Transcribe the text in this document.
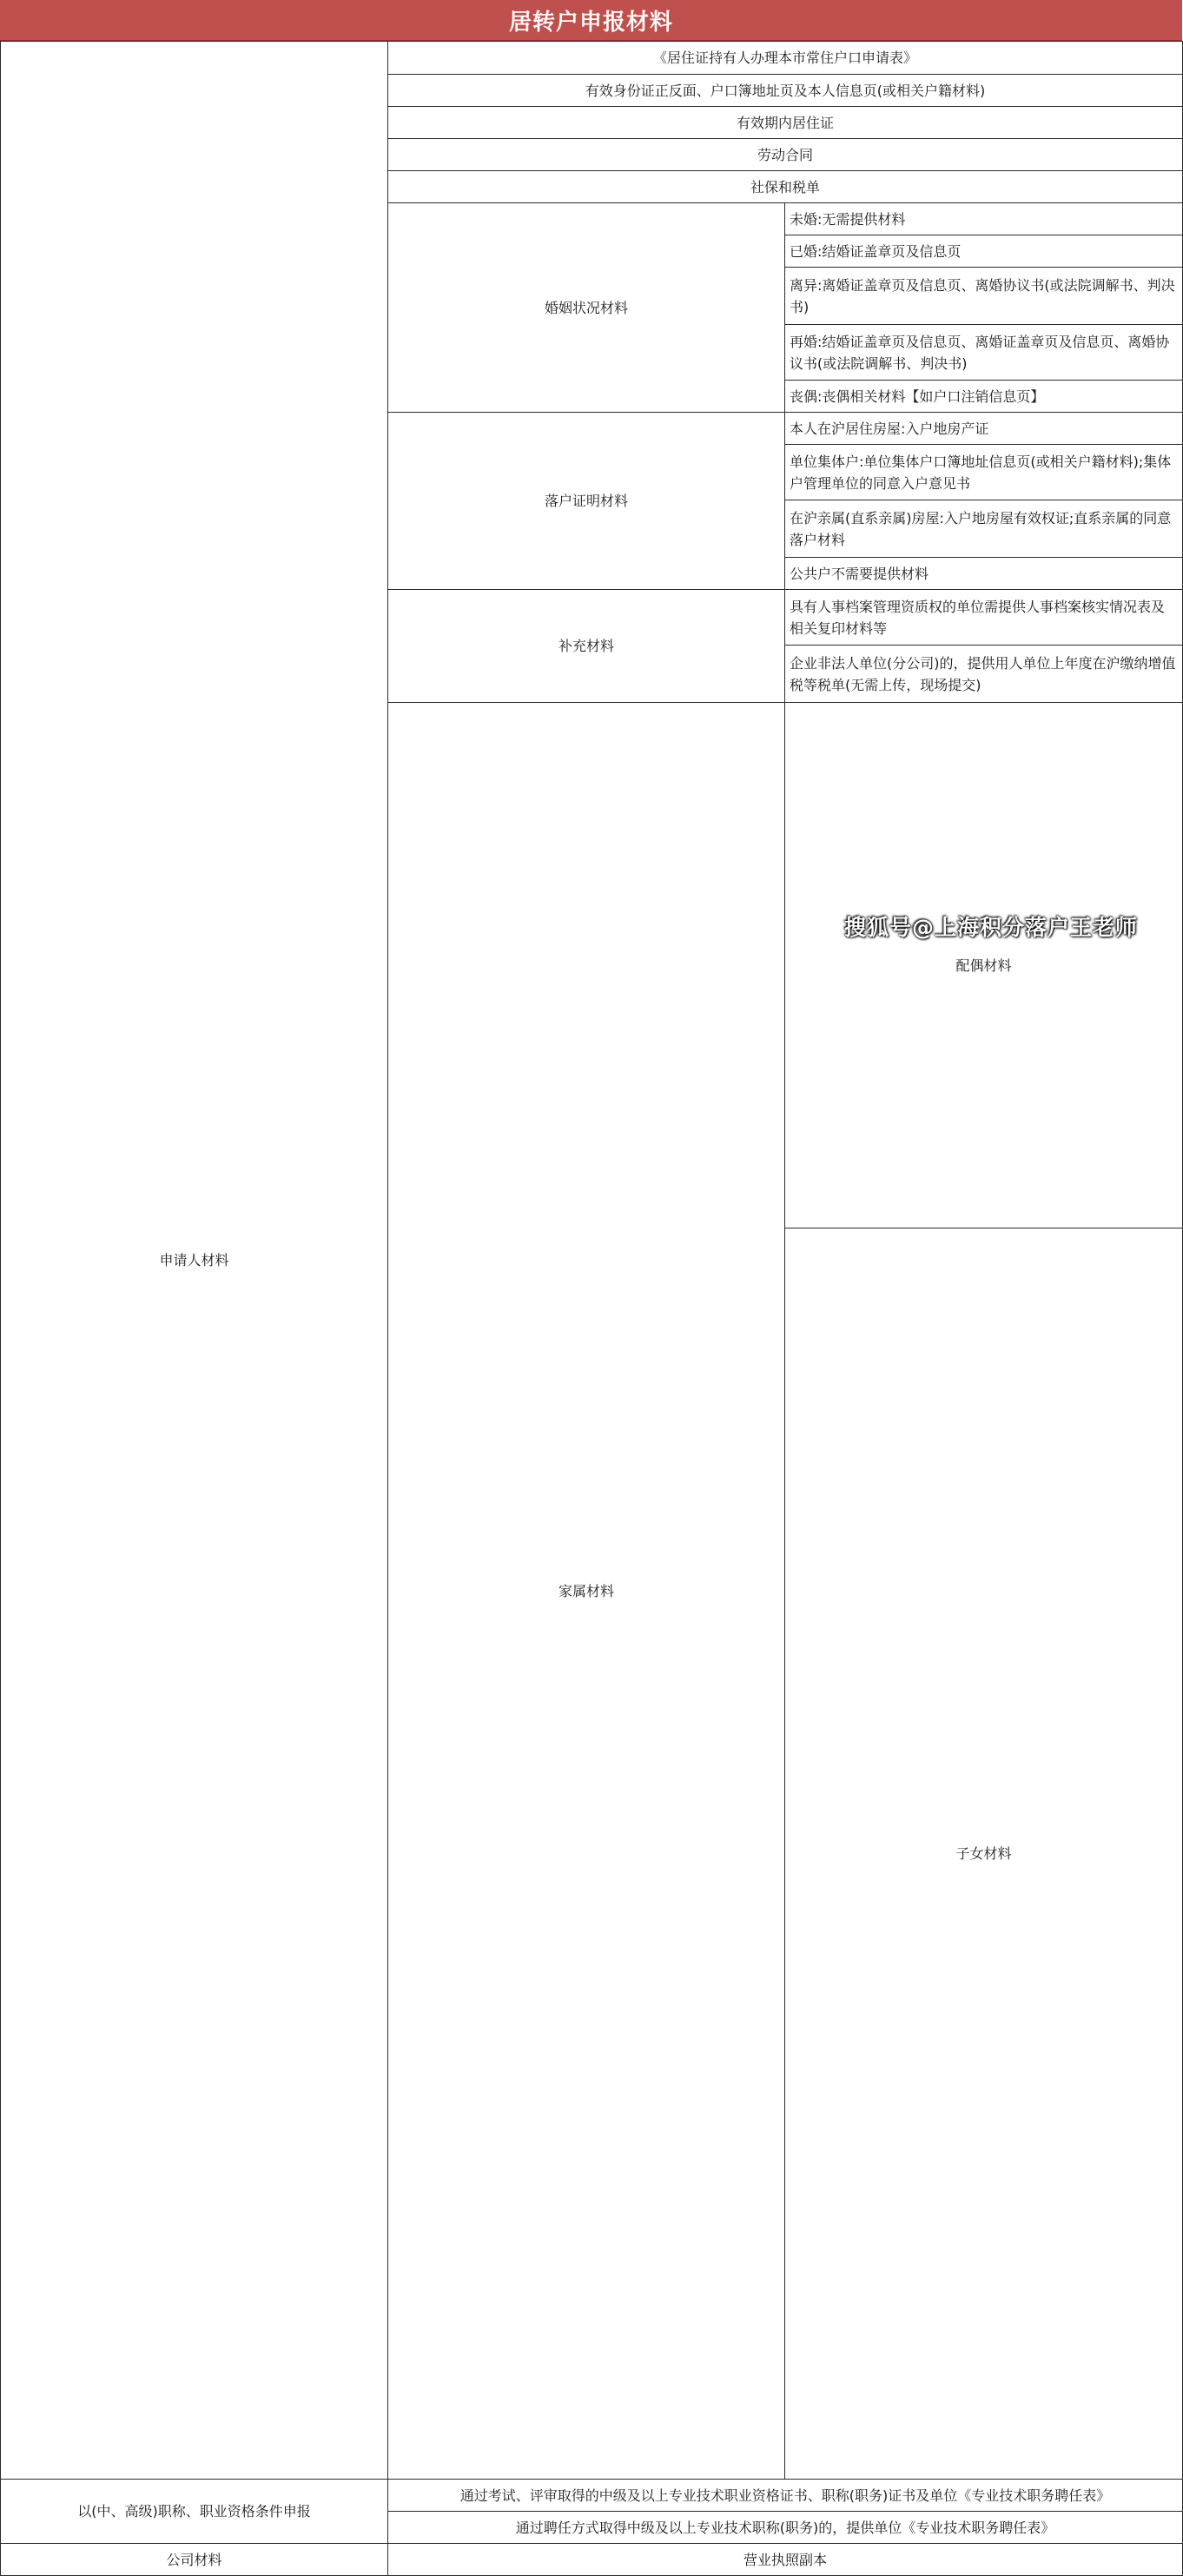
居转户申报材料
申请人材料	《居住证持有人办理本市常住户口申请表》		
	有效身份证正反面、户口簿地址页及本人信息页(或相关户籍材料)		
	有效期内居住证		
	劳动合同		
	社保和税单		
	婚姻状况材料	未婚:无需提供材料	
		已婚:结婚证盖章页及信息页	
		离异:离婚证盖章页及信息页、离婚协议书(或法院调解书、判决书)	
		再婚:结婚证盖章页及信息页、离婚证盖章页及信息页、离婚协议书(或法院调解书、判决书)	
		丧偶:丧偶相关材料【如户口注销信息页】	
	落户证明材料	本人在沪居住房屋:入户地房产证	
		单位集体户:单位集体户口簿地址信息页(或相关户籍材料);集体户管理单位的同意入户意见书	
		在沪亲属(直系亲属)房屋:入户地房屋有效权证;直系亲属的同意落户材料	
		公共户不需要提供材料	
	补充材料	具有人事档案管理资质权的单位需提供人事档案核实情况表及相关复印材料等	
		企业非法人单位(分公司)的，提供用人单位上年度在沪缴纳增值税等税单(无需上传，现场提交)	
	家属材料	配偶材料	
		子女材料	

以(中、高级)职称、职业资格条件申报	通过考试、评审取得的中级及以上专业技术职业资格证书、职称(职务)证书及单位《专业技术职务聘任表》		
	通过聘任方式取得中级及以上专业技术职称(职务)的，提供单位《专业技术职务聘任表》		
公司材料	营业执照副本		
搜狐号@上海积分落户王老师
